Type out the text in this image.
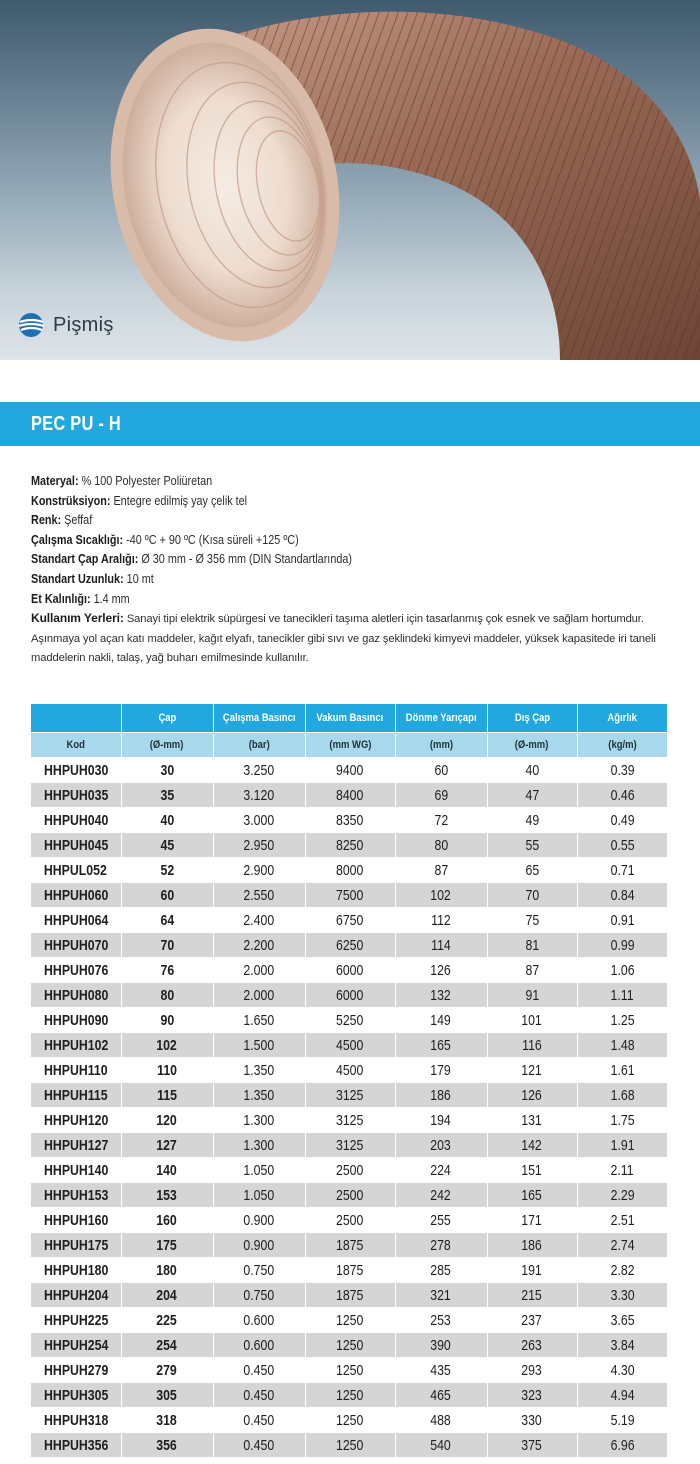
Pişmiş
PEC PU - H
Materyal: % 100 Polyester Poliüretan
Konstrüksiyon: Entegre edilmiş yay çelik tel
Renk: Şeffaf
Çalışma Sıcaklığı: -40 ºC + 90 ºC (Kısa süreli +125 ºC)
Standart Çap Aralığı: Ø 30 mm - Ø 356 mm (DIN Standartlarında)
Standart Uzunluk: 10 mt
Et Kalınlığı: 1.4 mm
Kullanım Yerleri: Sanayi tipi elektrik süpürgesi ve tanecikleri taşıma aletleri için tasarlanmış çok esnek ve sağlam hortumdur. Aşınmaya yol açan katı maddeler, kağıt elyafı, tanecikler gibi sıvı ve gaz şeklindeki kimyevi maddeler, yüksek kapasitede iri taneli maddelerin nakli, talaş, yağ buharı emilmesinde kullanılır.
	Çap	Çalışma Basıncı	Vakum Basıncı	Dönme Yarıçapı	Dış Çap	Ağırlık
Kod	(Ø-mm)	(bar)	(mm WG)	(mm)	(Ø-mm)	(kg/m)
HHPUH030	30	3.250	9400	60	40	0.39
HHPUH035	35	3.120	8400	69	47	0.46
HHPUH040	40	3.000	8350	72	49	0.49
HHPUH045	45	2.950	8250	80	55	0.55
HHPUL052	52	2.900	8000	87	65	0.71
HHPUH060	60	2.550	7500	102	70	0.84
HHPUH064	64	2.400	6750	112	75	0.91
HHPUH070	70	2.200	6250	114	81	0.99
HHPUH076	76	2.000	6000	126	87	1.06
HHPUH080	80	2.000	6000	132	91	1.11
HHPUH090	90	1.650	5250	149	101	1.25
HHPUH102	102	1.500	4500	165	116	1.48
HHPUH110	110	1.350	4500	179	121	1.61
HHPUH115	115	1.350	3125	186	126	1.68
HHPUH120	120	1.300	3125	194	131	1.75
HHPUH127	127	1.300	3125	203	142	1.91
HHPUH140	140	1.050	2500	224	151	2.11
HHPUH153	153	1.050	2500	242	165	2.29
HHPUH160	160	0.900	2500	255	171	2.51
HHPUH175	175	0.900	1875	278	186	2.74
HHPUH180	180	0.750	1875	285	191	2.82
HHPUH204	204	0.750	1875	321	215	3.30
HHPUH225	225	0.600	1250	253	237	3.65
HHPUH254	254	0.600	1250	390	263	3.84
HHPUH279	279	0.450	1250	435	293	4.30
HHPUH305	305	0.450	1250	465	323	4.94
HHPUH318	318	0.450	1250	488	330	5.19
HHPUH356	356	0.450	1250	540	375	6.96
